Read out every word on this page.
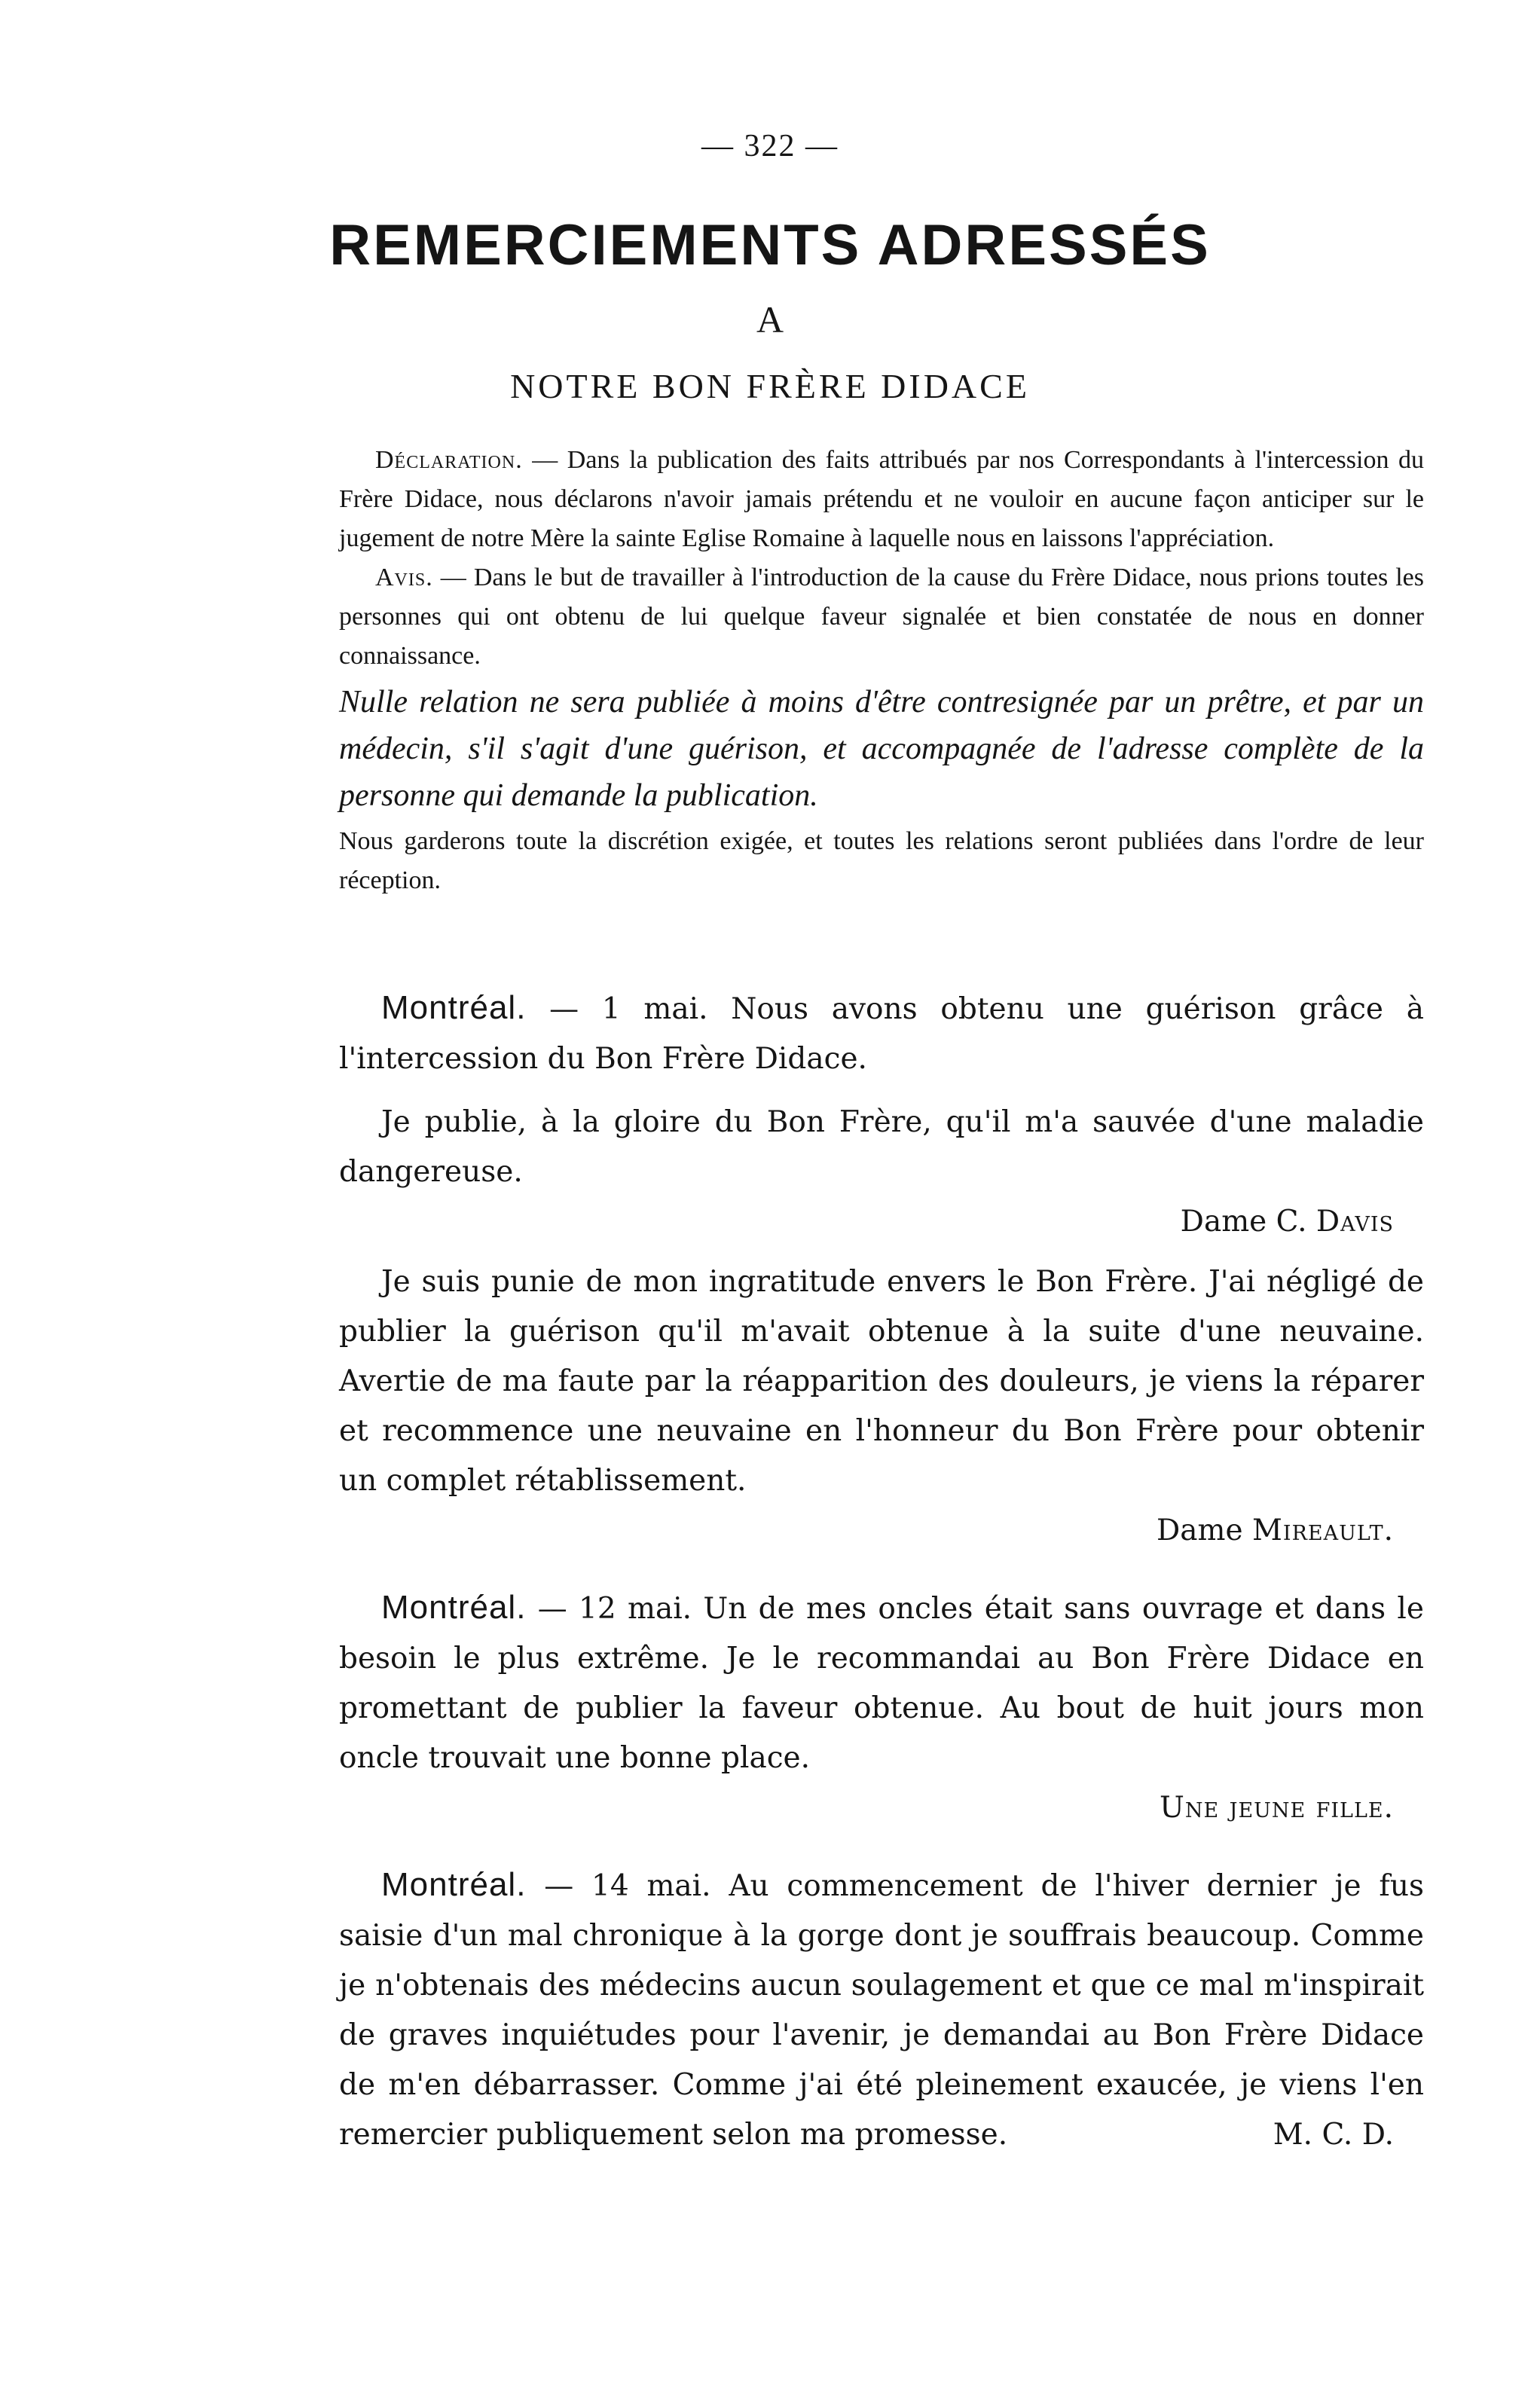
— 322 —
REMERCIEMENTS ADRESSÉS
A
NOTRE BON FRÈRE DIDACE

Déclaration. — Dans la publication des faits attribués par nos Correspondants à l'intercession du Frère Didace, nous déclarons n'avoir jamais prétendu et ne vouloir en aucune façon anticiper sur le jugement de notre Mère la sainte Eglise Romaine à laquelle nous en laissons l'appréciation.

Avis. — Dans le but de travailler à l'introduction de la cause du Frère Didace, nous prions toutes les personnes qui ont obtenu de lui quelque faveur signalée et bien constatée de nous en donner connaissance.

Nulle relation ne sera publiée à moins d'être contresignée par un prêtre, et par un médecin, s'il s'agit d'une guérison, et accompagnée de l'adresse complète de la personne qui demande la publication.

Nous garderons toute la discrétion exigée, et toutes les relations seront publiées dans l'ordre de leur réception.

Montréal. — 1 mai. Nous avons obtenu une guérison grâce à l'intercession du Bon Frère Didace.

Je publie, à la gloire du Bon Frère, qu'il m'a sauvée d'une maladie dangereuse.

Dame C. Davis

Je suis punie de mon ingratitude envers le Bon Frère. J'ai négligé de publier la guérison qu'il m'avait obtenue à la suite d'une neuvaine. Avertie de ma faute par la réapparition des douleurs, je viens la réparer et recommence une neuvaine en l'honneur du Bon Frère pour obtenir un complet rétablissement.

Dame Mireault.

Montréal. — 12 mai. Un de mes oncles était sans ouvrage et dans le besoin le plus extrême. Je le recommandai au Bon Frère Didace en promettant de publier la faveur obtenue. Au bout de huit jours mon oncle trouvait une bonne place.

Une jeune fille.

Montréal. — 14 mai. Au commencement de l'hiver dernier je fus saisie d'un mal chronique à la gorge dont je souffrais beaucoup. Comme je n'obtenais des médecins aucun soulagement et que ce mal m'inspirait de graves inquiétudes pour l'avenir, je demandai au Bon Frère Didace de m'en débarrasser. Comme j'ai été pleinement exaucée, je viens l'en remercier publiquement selon ma promesse.	M. C. D.
